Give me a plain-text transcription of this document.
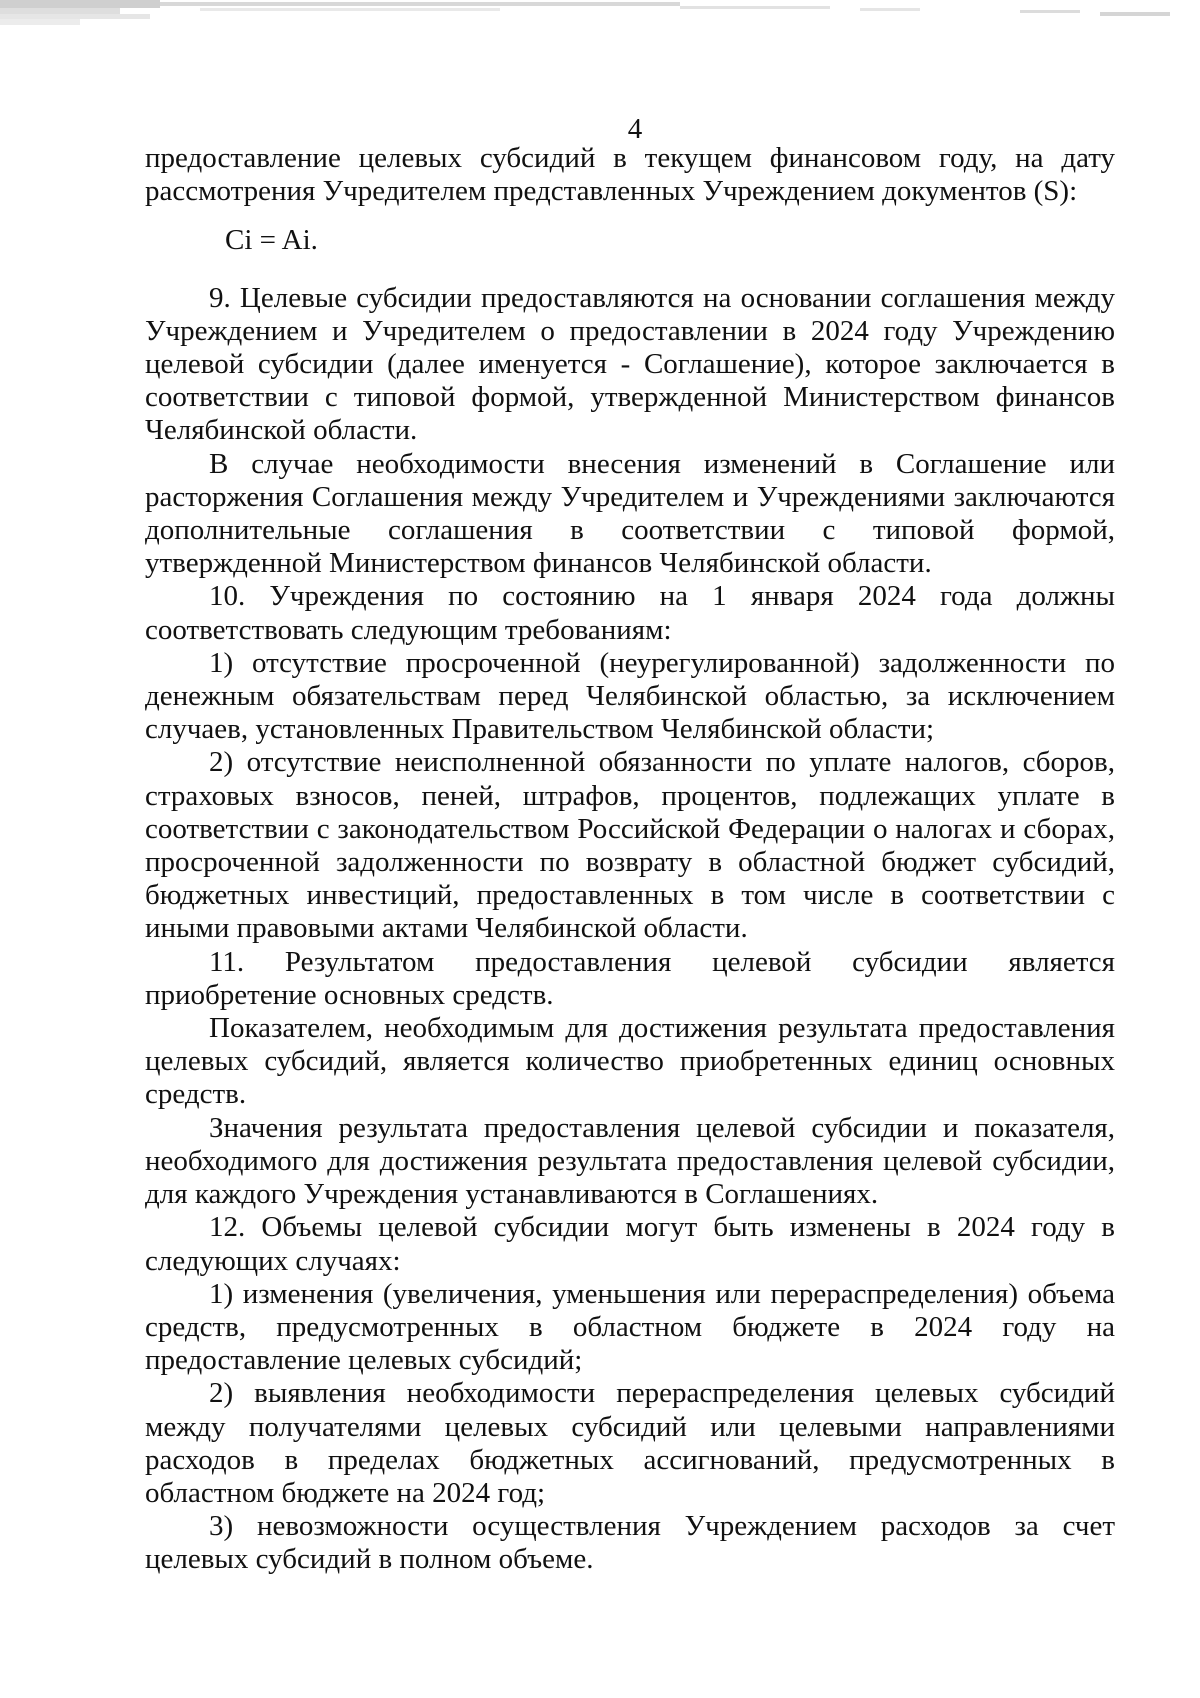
4

предоставление целевых субсидий в текущем финансовом году, на дату рассмотрения Учредителем представленных Учреждением документов (S):

Ci = Ai.

9. Целевые субсидии предоставляются на основании соглашения между Учреждением и Учредителем о предоставлении в 2024 году Учреждению целевой субсидии (далее именуется - Соглашение), которое заключается в соответствии с типовой формой, утвержденной Министерством финансов Челябинской области.

В случае необходимости внесения изменений в Соглашение или расторжения Соглашения между Учредителем и Учреждениями заключаются дополнительные соглашения в соответствии с типовой формой, утвержденной Министерством финансов Челябинской области.

10. Учреждения по состоянию на 1 января 2024 года должны соответствовать следующим требованиям:

1) отсутствие просроченной (неурегулированной) задолженности по денежным обязательствам перед Челябинской областью, за исключением случаев, установленных Правительством Челябинской области;

2) отсутствие неисполненной обязанности по уплате налогов, сборов, страховых взносов, пеней, штрафов, процентов, подлежащих уплате в соответствии с законодательством Российской Федерации о налогах и сборах, просроченной задолженности по возврату в областной бюджет субсидий, бюджетных инвестиций, предоставленных в том числе в соответствии с иными правовыми актами Челябинской области.

11. Результатом предоставления целевой субсидии является приобретение основных средств.

Показателем, необходимым для достижения результата предоставления целевых субсидий, является количество приобретенных единиц основных средств.

Значения результата предоставления целевой субсидии и показателя, необходимого для достижения результата предоставления целевой субсидии, для каждого Учреждения устанавливаются в Соглашениях.

12. Объемы целевой субсидии могут быть изменены в 2024 году в следующих случаях:

1) изменения (увеличения, уменьшения или перераспределения) объема средств, предусмотренных в областном бюджете в 2024 году на предоставление целевых субсидий;

2) выявления необходимости перераспределения целевых субсидий между получателями целевых субсидий или целевыми направлениями расходов в пределах бюджетных ассигнований, предусмотренных в областном бюджете на 2024 год;

3) невозможности осуществления Учреждением расходов за счет целевых субсидий в полном объеме.
